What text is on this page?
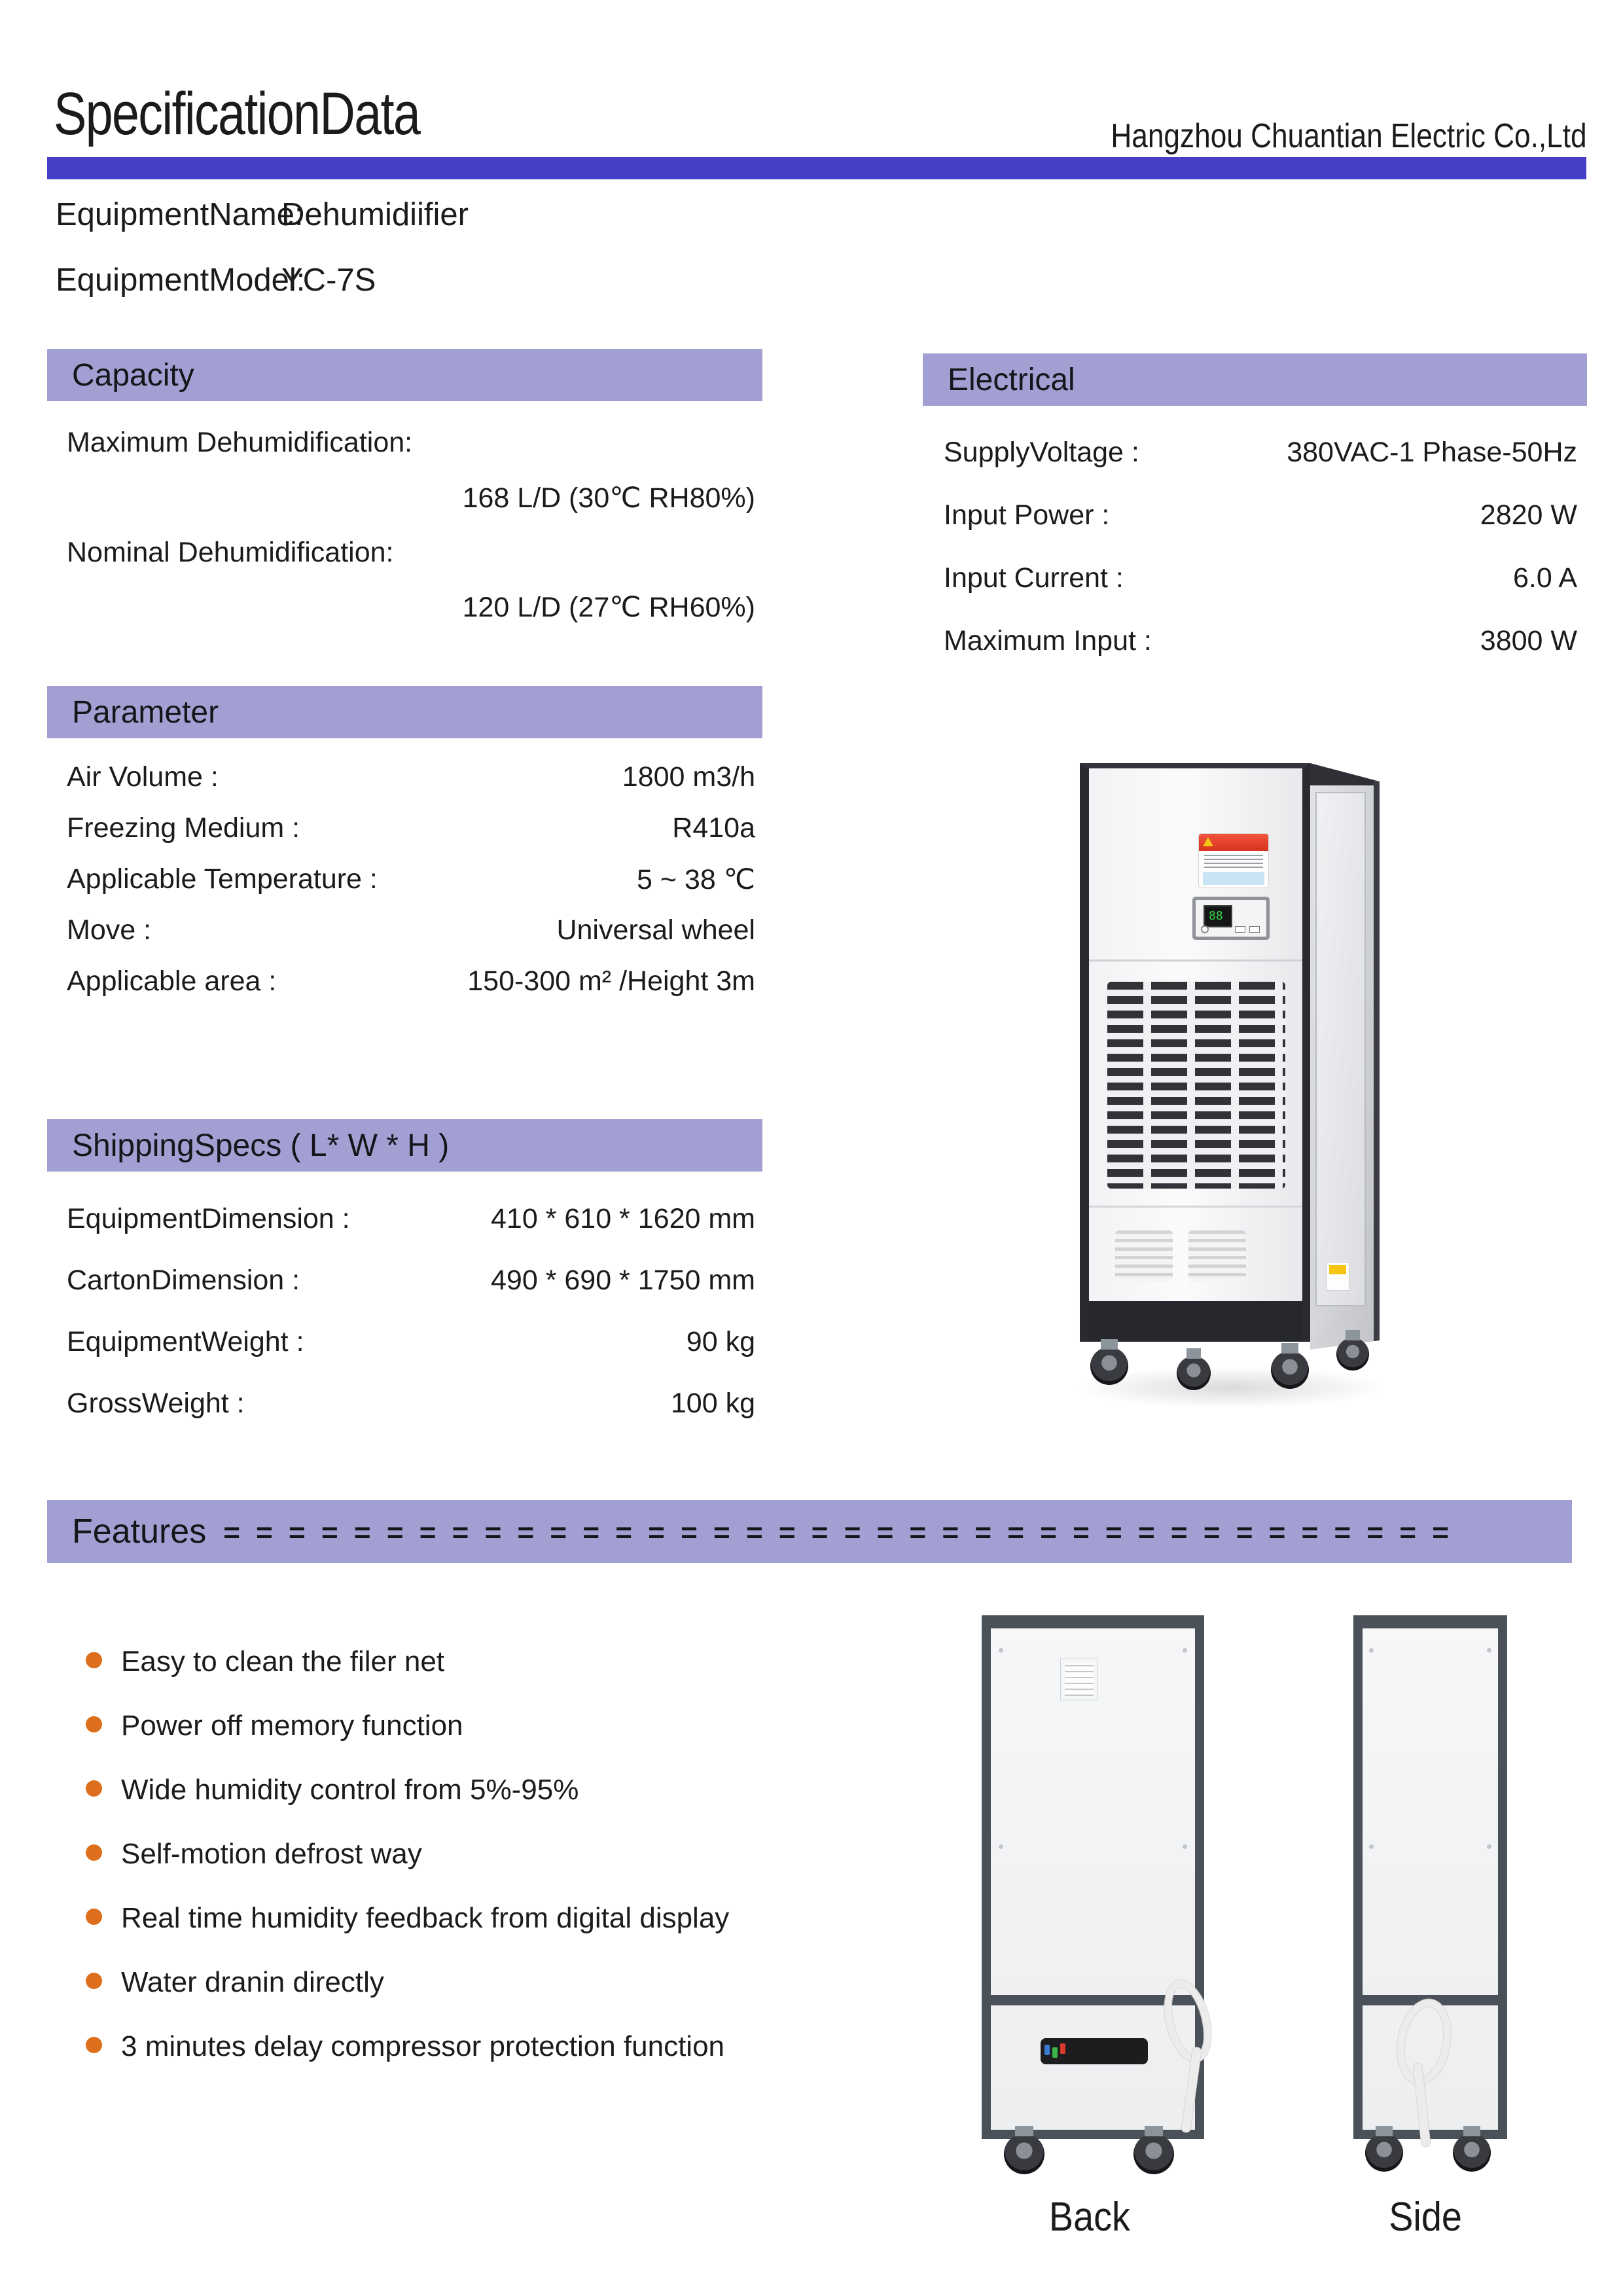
SpecificationData	Hangzhou Chuantian Electric Co.,Ltd
EquipmentName:
Dehumidiifier
EquipmentModel:
YC-7S
Capacity
Maximum Dehumidification:
168 L/D (30℃ RH80%)
Nominal Dehumidification:
120 L/D (27℃ RH60%)
Electrical
SupplyVoltage :	380VAC-1 Phase-50Hz
Input Power :	2820 W
Input Current :	6.0 A
Maximum Input :	3800 W
Parameter
Air Volume :	1800 m3/h
Freezing Medium :	R410a
Applicable Temperature :	5 ~ 38 ℃
Move :	Universal wheel
Applicable area :	150-300 m² /Height 3m
ShippingSpecs ( L* W * H )
EquipmentDimension :	410 * 610 * 1620 mm
CartonDimension :	490 * 690 * 1750 mm
EquipmentWeight :	90 kg
GrossWeight :	100 kg
88
Features = = = = = = = = = = = = = = = = = = = = = = = = = = = = = = = = = = = = = =
Easy to clean the filer net
Power off memory function
Wide humidity control from 5%-95%
Self-motion defrost way
Real time humidity feedback from digital display
Water dranin directly
3 minutes delay compressor protection function
Back	Side
